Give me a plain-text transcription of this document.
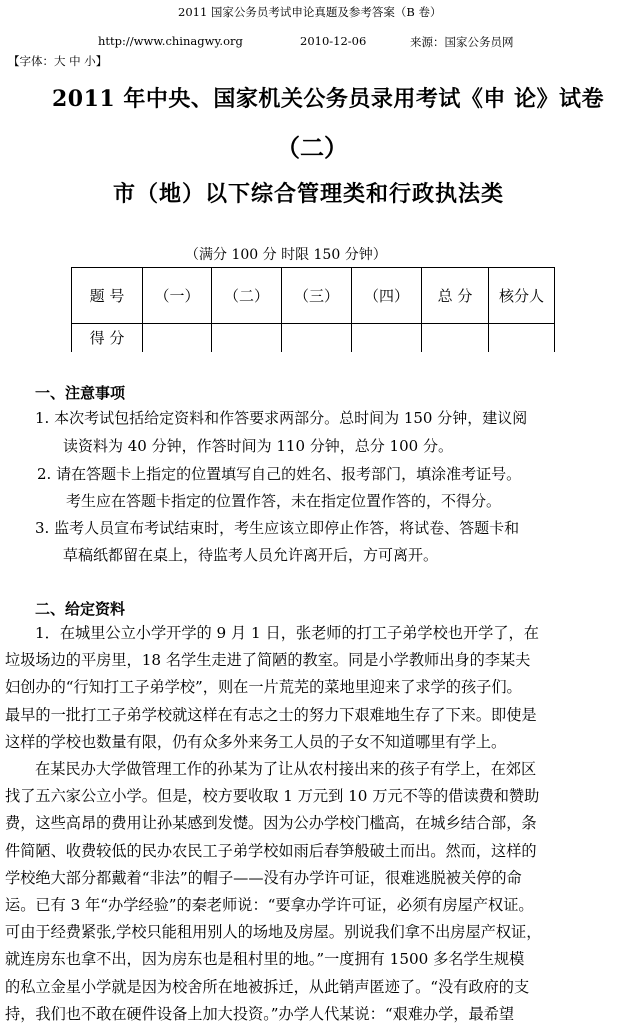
2011 国家公务员考试申论真题及参考答案（B 卷）
http://www.chinagwy.org	2010-12-06	来源：国家公务员网
【字体：大 中 小】
2011 年中央、国家机关公务员录用考试《申 论》试卷
（二）
市（地）以下综合管理类和行政执法类
（满分 100 分 时限 150 分钟）
题 号	（一）	（二）	（三）	（四）	总 分	核分人
得 分						
一、注意事项
1. 本次考试包括给定资料和作答要求两部分。总时间为 150 分钟，建议阅
读资料为 40 分钟，作答时间为 110 分钟，总分 100 分。
2. 请在答题卡上指定的位置填写自己的姓名、报考部门，填涂准考证号。
考生应在答题卡指定的位置作答，未在指定位置作答的，不得分。
3. 监考人员宣布考试结束时，考生应该立即停止作答，将试卷、答题卡和
草稿纸都留在桌上，待监考人员允许离开后，方可离开。
二、给定资料
1．在城里公立小学开学的 9 月 1 日，张老师的打工子弟学校也开学了，在
垃圾场边的平房里，18 名学生走进了简陋的教室。同是小学教师出身的李某夫
妇创办的“行知打工子弟学校”，则在一片荒芜的菜地里迎来了求学的孩子们。
最早的一批打工子弟学校就这样在有志之士的努力下艰难地生存了下来。即使是
这样的学校也数量有限，仍有众多外来务工人员的子女不知道哪里有学上。
在某民办大学做管理工作的孙某为了让从农村接出来的孩子有学上，在郊区
找了五六家公立小学。但是，校方要收取 1 万元到 10 万元不等的借读费和赞助
费，这些高昂的费用让孙某感到发憷。因为公办学校门槛高，在城乡结合部，条
件简陋、收费较低的民办农民工子弟学校如雨后春笋般破土而出。然而，这样的
学校绝大部分都戴着“非法”的帽子——没有办学许可证，很难逃脱被关停的命
运。已有 3 年“办学经验”的秦老师说：“要拿办学许可证，必须有房屋产权证。
可由于经费紧张,学校只能租用别人的场地及房屋。别说我们拿不出房屋产权证，
就连房东也拿不出，因为房东也是租村里的地。”一度拥有 1500 多名学生规模
的私立金星小学就是因为校舍所在地被拆迁，从此销声匿迹了。“没有政府的支
持，我们也不敢在硬件设备上加大投资。”办学人代某说：“艰难办学，最希望
